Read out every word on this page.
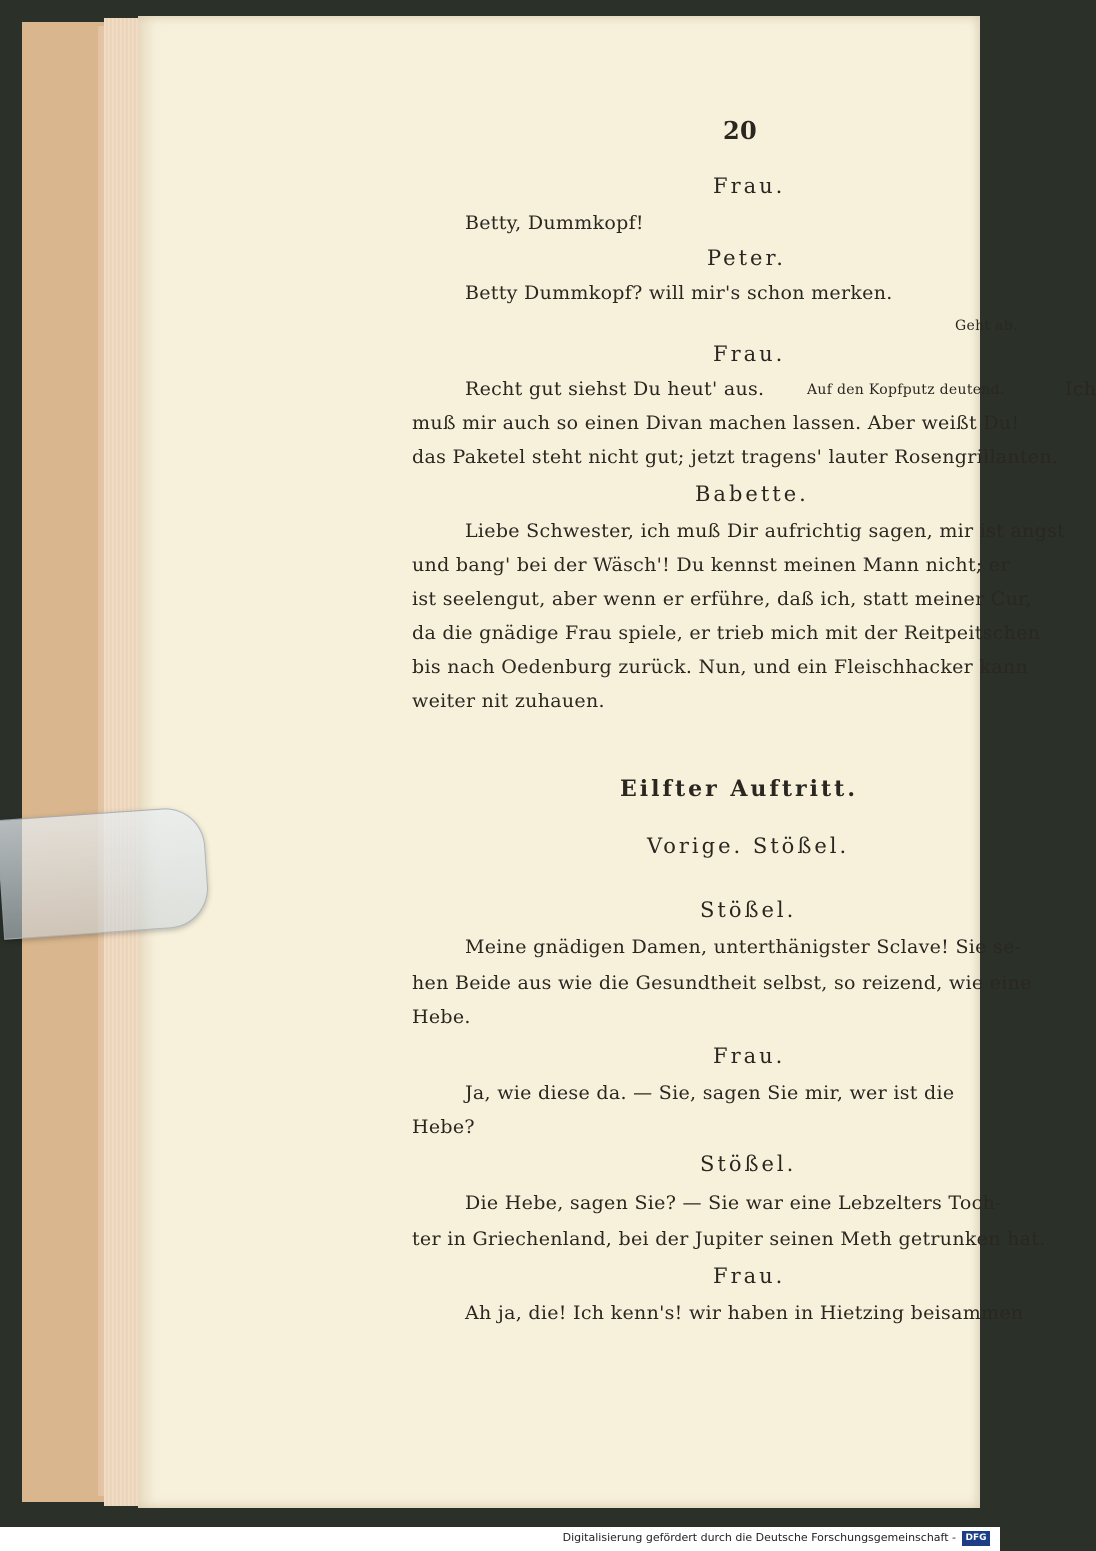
20
Frau.
Betty, Dummkopf!
Peter.
Betty Dummkopf? will mir's schon merken.
Geht ab.
Frau.
Recht gut siehst Du heut' aus.	Auf den Kopfputz deutend.	Ich
muß mir auch so einen Divan machen lassen. Aber weißt Du!
das Paketel steht nicht gut; jetzt tragens' lauter Rosengrillanten.
Babette.
Liebe Schwester, ich muß Dir aufrichtig sagen, mir ist angst
und bang' bei der Wäsch'! Du kennst meinen Mann nicht; er
ist seelengut, aber wenn er erführe, daß ich, statt meiner Cur,
da die gnädige Frau spiele, er trieb mich mit der Reitpeitschen
bis nach Oedenburg zurück. Nun, und ein Fleischhacker kann
weiter nit zuhauen.
Eilfter Auftritt.
Vorige. Stößel.
Stößel.
Meine gnädigen Damen, unterthänigster Sclave! Sie se-
hen Beide aus wie die Gesundtheit selbst, so reizend, wie eine
Hebe.
Frau.
Ja, wie diese da. — Sie, sagen Sie mir, wer ist die
Hebe?
Stößel.
Die Hebe, sagen Sie? — Sie war eine Lebzelters Toch-
ter in Griechenland, bei der Jupiter seinen Meth getrunken hat.
Frau.
Ah ja, die! Ich kenn's! wir haben in Hietzing beisammen
Digitalisierung gefördert durch die Deutsche Forschungsgemeinschaft -	DFG
